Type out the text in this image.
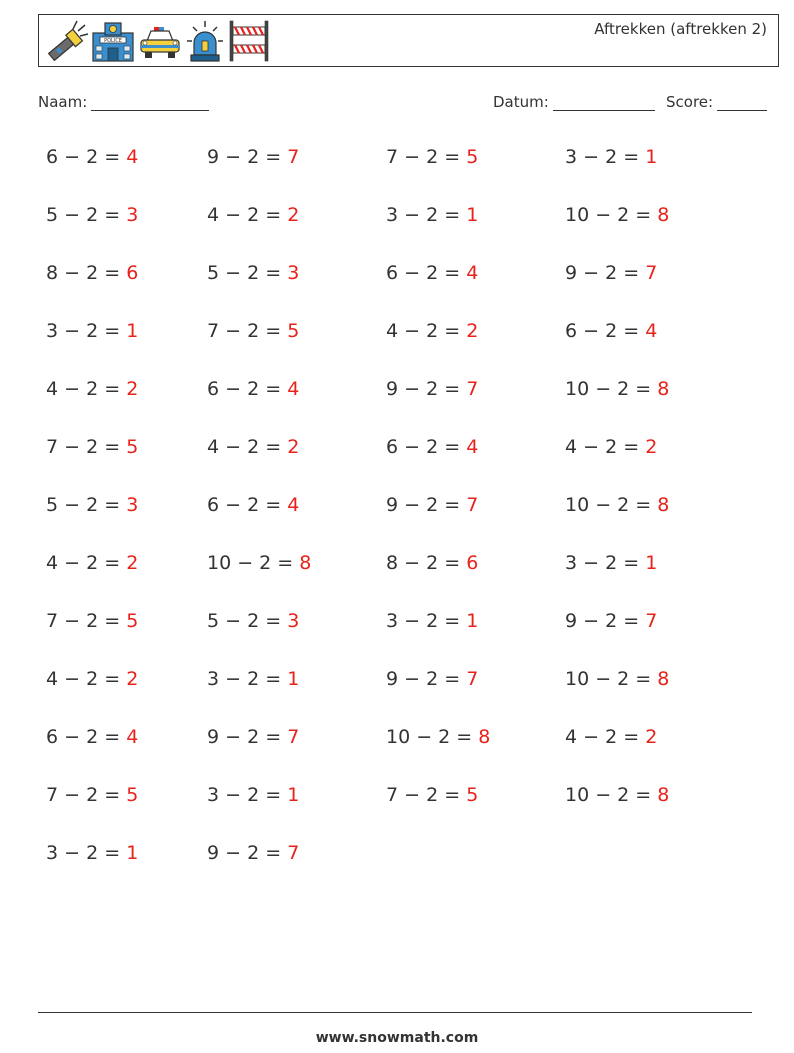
POLICE
Aftrekken (aftrekken 2)
Naam:	Datum:	Score:
6 − 2 = 4	9 − 2 = 7	7 − 2 = 5	3 − 2 = 1
5 − 2 = 3	4 − 2 = 2	3 − 2 = 1	10 − 2 = 8
8 − 2 = 6	5 − 2 = 3	6 − 2 = 4	9 − 2 = 7
3 − 2 = 1	7 − 2 = 5	4 − 2 = 2	6 − 2 = 4
4 − 2 = 2	6 − 2 = 4	9 − 2 = 7	10 − 2 = 8
7 − 2 = 5	4 − 2 = 2	6 − 2 = 4	4 − 2 = 2
5 − 2 = 3	6 − 2 = 4	9 − 2 = 7	10 − 2 = 8
4 − 2 = 2	10 − 2 = 8	8 − 2 = 6	3 − 2 = 1
7 − 2 = 5	5 − 2 = 3	3 − 2 = 1	9 − 2 = 7
4 − 2 = 2	3 − 2 = 1	9 − 2 = 7	10 − 2 = 8
6 − 2 = 4	9 − 2 = 7	10 − 2 = 8	4 − 2 = 2
7 − 2 = 5	3 − 2 = 1	7 − 2 = 5	10 − 2 = 8
3 − 2 = 1	9 − 2 = 7
www.snowmath.com
